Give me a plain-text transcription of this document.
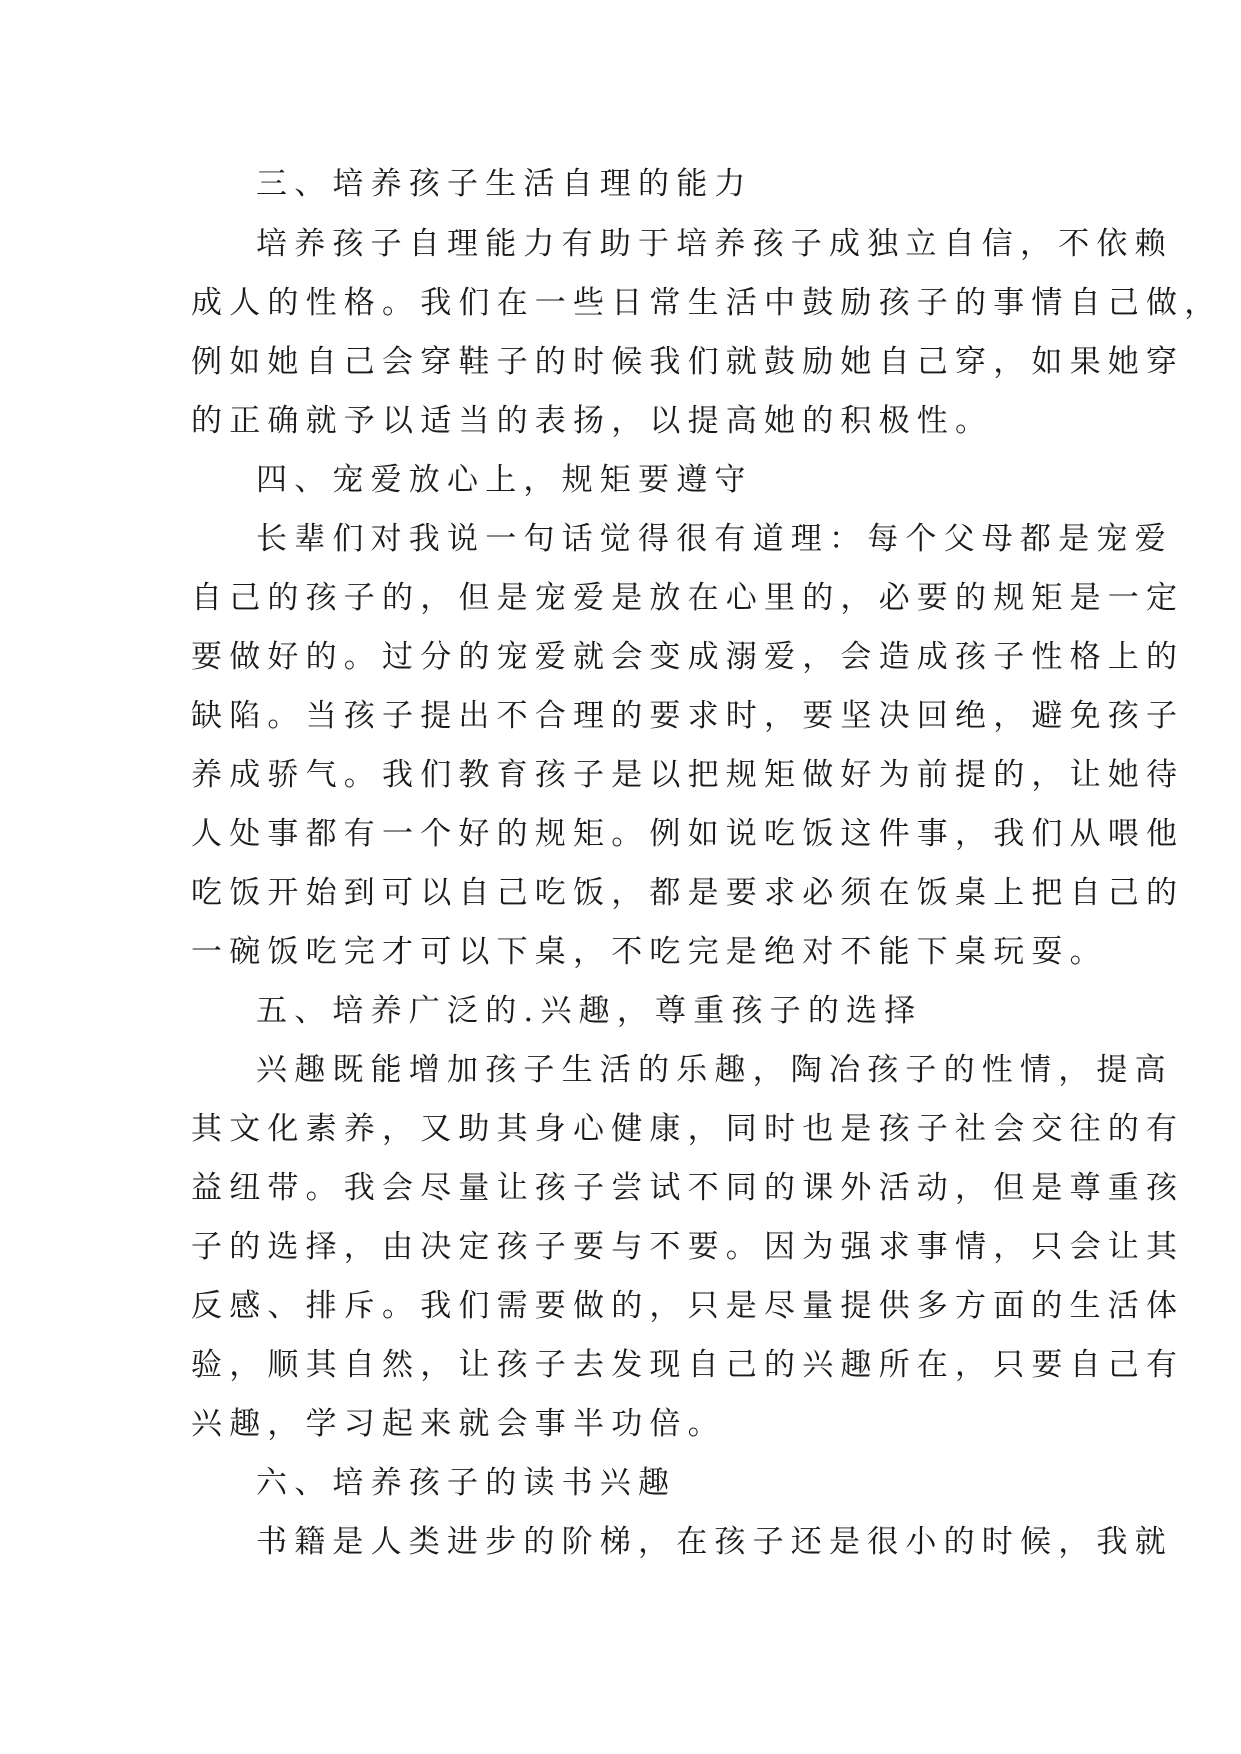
三、培养孩子生活自理的能力
培养孩子自理能力有助于培养孩子成独立自信，不依赖
成人的性格。我们在一些日常生活中鼓励孩子的事情自己做，
例如她自己会穿鞋子的时候我们就鼓励她自己穿，如果她穿
的正确就予以适当的表扬，以提高她的积极性。
四、宠爱放心上，规矩要遵守
长辈们对我说一句话觉得很有道理：每个父母都是宠爱
自己的孩子的，但是宠爱是放在心里的，必要的规矩是一定
要做好的。过分的宠爱就会变成溺爱，会造成孩子性格上的
缺陷。当孩子提出不合理的要求时，要坚决回绝，避免孩子
养成骄气。我们教育孩子是以把规矩做好为前提的，让她待
人处事都有一个好的规矩。例如说吃饭这件事，我们从喂他
吃饭开始到可以自己吃饭，都是要求必须在饭桌上把自己的
一碗饭吃完才可以下桌，不吃完是绝对不能下桌玩耍。
五、培养广泛的.兴趣，尊重孩子的选择
兴趣既能增加孩子生活的乐趣，陶冶孩子的性情，提高
其文化素养，又助其身心健康，同时也是孩子社会交往的有
益纽带。我会尽量让孩子尝试不同的课外活动，但是尊重孩
子的选择，由决定孩子要与不要。因为强求事情，只会让其
反感、排斥。我们需要做的，只是尽量提供多方面的生活体
验，顺其自然，让孩子去发现自己的兴趣所在，只要自己有
兴趣，学习起来就会事半功倍。
六、培养孩子的读书兴趣
书籍是人类进步的阶梯，在孩子还是很小的时候，我就
